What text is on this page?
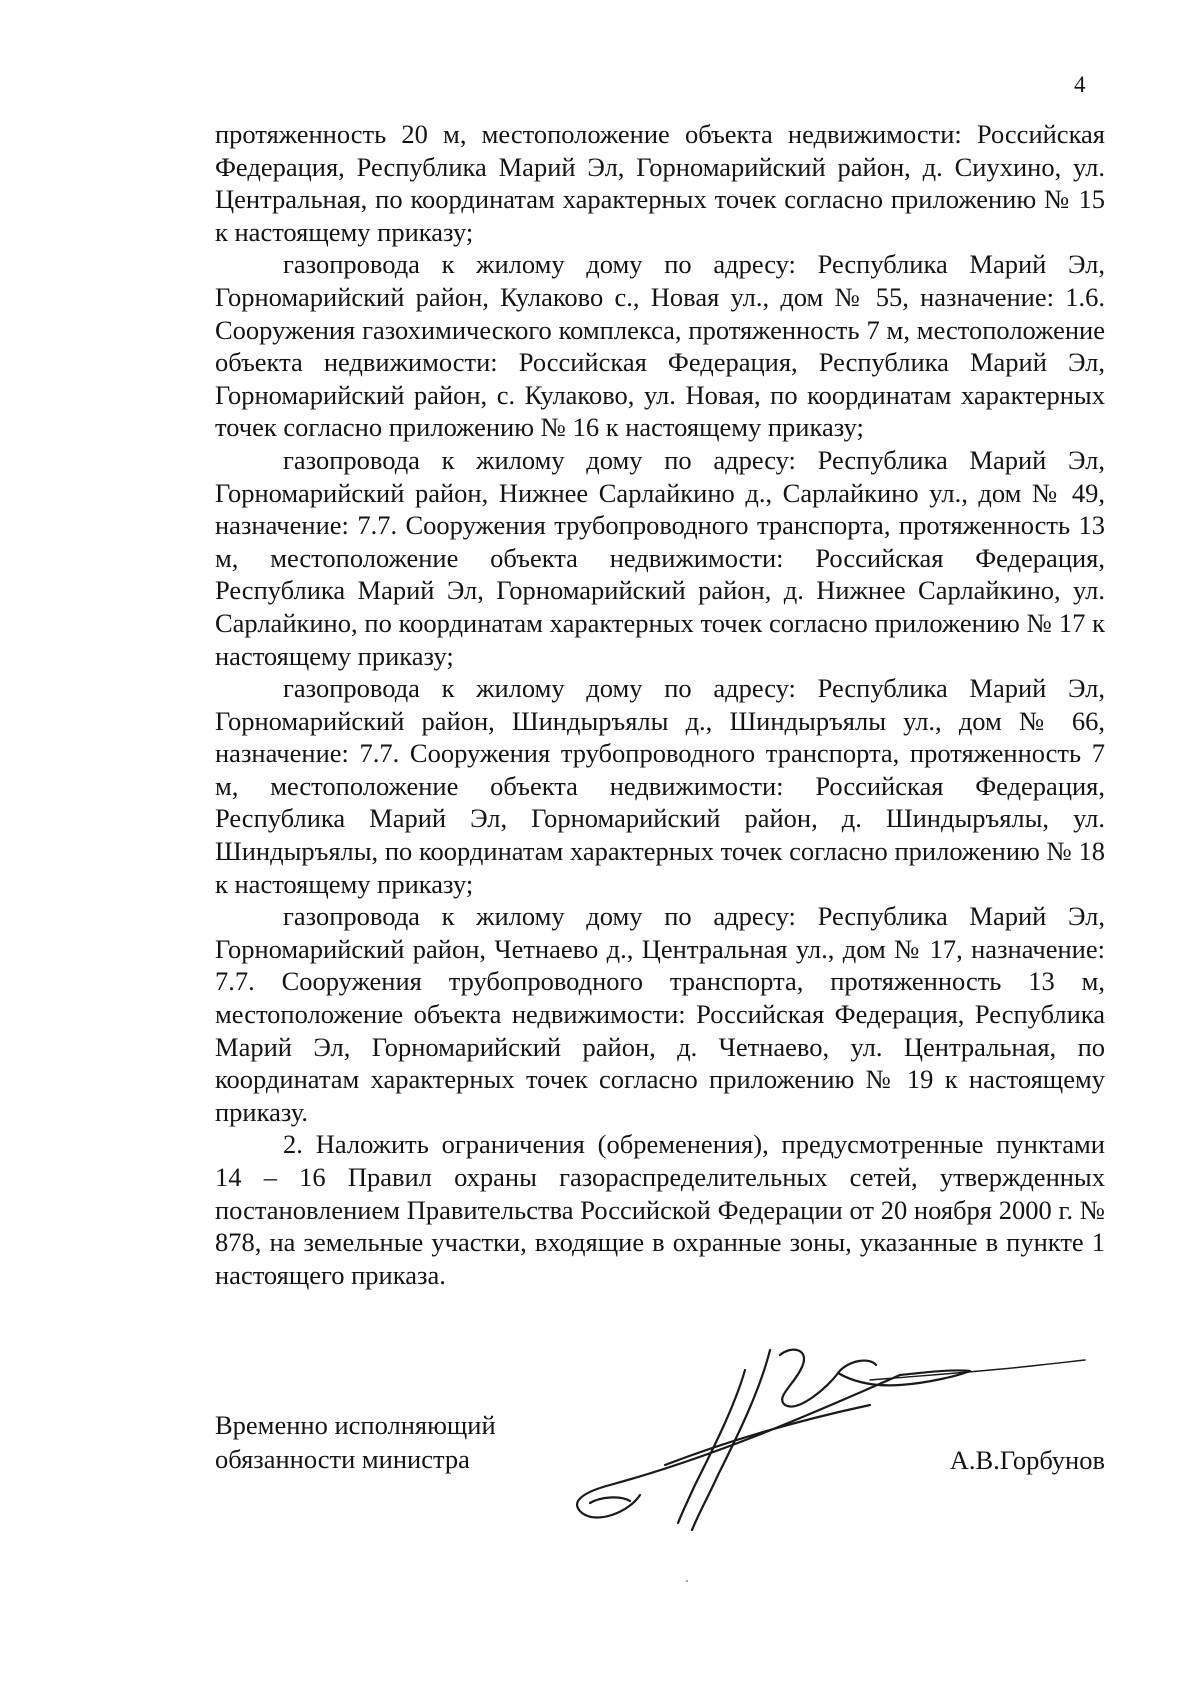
4

протяженность 20 м, местоположение объекта недвижимости: Российская Федерация, Республика Марий Эл, Горномарийский район, д. Сиухино, ул. Центральная, по координатам характерных точек согласно приложению № 15 к настоящему приказу;

газопровода к жилому дому по адресу: Республика Марий Эл, Горномарийский район, Кулаково с., Новая ул., дом № 55, назначение: 1.6. Сооружения газохимического комплекса, протяженность 7 м, местоположение объекта недвижимости: Российская Федерация, Республика Марий Эл, Горномарийский район, с. Кулаково, ул. Новая, по координатам характерных точек согласно приложению № 16 к настоящему приказу;

газопровода к жилому дому по адресу: Республика Марий Эл, Горномарийский район, Нижнее Сарлайкино д., Сарлайкино ул., дом № 49, назначение: 7.7. Сооружения трубопроводного транспорта, протяженность 13 м, местоположение объекта недвижимости: Российская Федерация, Республика Марий Эл, Горномарийский район, д. Нижнее Сарлайкино, ул. Сарлайкино, по координатам характерных точек согласно приложению № 17 к настоящему приказу;

газопровода к жилому дому по адресу: Республика Марий Эл, Горномарийский район, Шиндыръялы д., Шиндыръялы ул., дом № 66, назначение: 7.7. Сооружения трубопроводного транспорта, протяженность 7 м, местоположение объекта недвижимости: Российская Федерация, Республика Марий Эл, Горномарийский район, д. Шиндыръялы, ул. Шиндыръялы, по координатам характерных точек согласно приложению № 18 к настоящему приказу;

газопровода к жилому дому по адресу: Республика Марий Эл, Горномарийский район, Четнаево д., Центральная ул., дом № 17, назначение: 7.7. Сооружения трубопроводного транспорта, протяженность 13 м, местоположение объекта недвижимости: Российская Федерация, Республика Марий Эл, Горномарийский район, д. Четнаево, ул. Центральная, по координатам характерных точек согласно приложению № 19 к настоящему приказу.

2. Наложить ограничения (обременения), предусмотренные пунктами 14 – 16 Правил охраны газораспределительных сетей, утвержденных постановлением Правительства Российской Федерации от 20 ноября 2000 г. № 878, на земельные участки, входящие в охранные зоны, указанные в пункте 1 настоящего приказа.

Временно исполняющий
обязанности министра	А.В.Горбунов
